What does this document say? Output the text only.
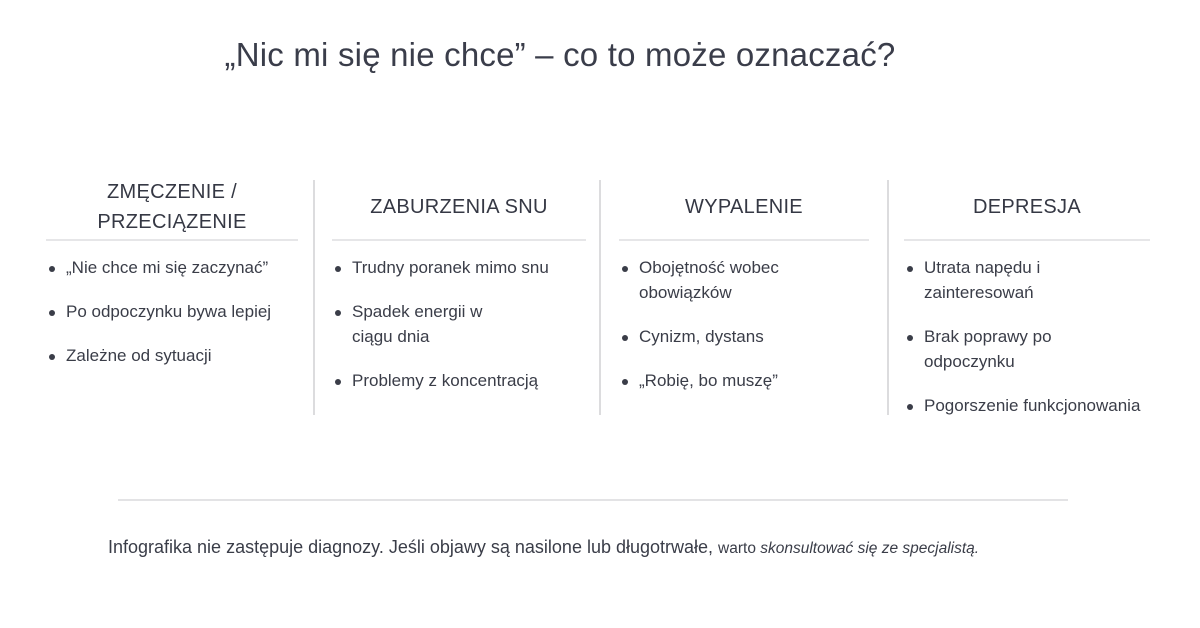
„Nic mi się nie chce” – co to może oznaczać?
ZMĘCZENIE / PRZECIĄZENIE
„Nie chce mi się zaczynać”
Po odpoczynku bywa lepiej
Zależne od sytuacji
ZABURZENIA SNU
Trudny poranek mimo snu
Spadek energii w ciągu dnia
Problemy z koncentracją
WYPALENIE
Obojętność wobec obowiązków
Cynizm, dystans
„Robię, bo muszę”
DEPRESJA
Utrata napędu i zainteresowań
Brak poprawy po odpoczynku
Pogorszenie funkcjonowania
Infografika nie zastępuje diagnozy. Jeśli objawy są nasilone lub długotrwałe, warto skonsultować się ze specjalistą.
